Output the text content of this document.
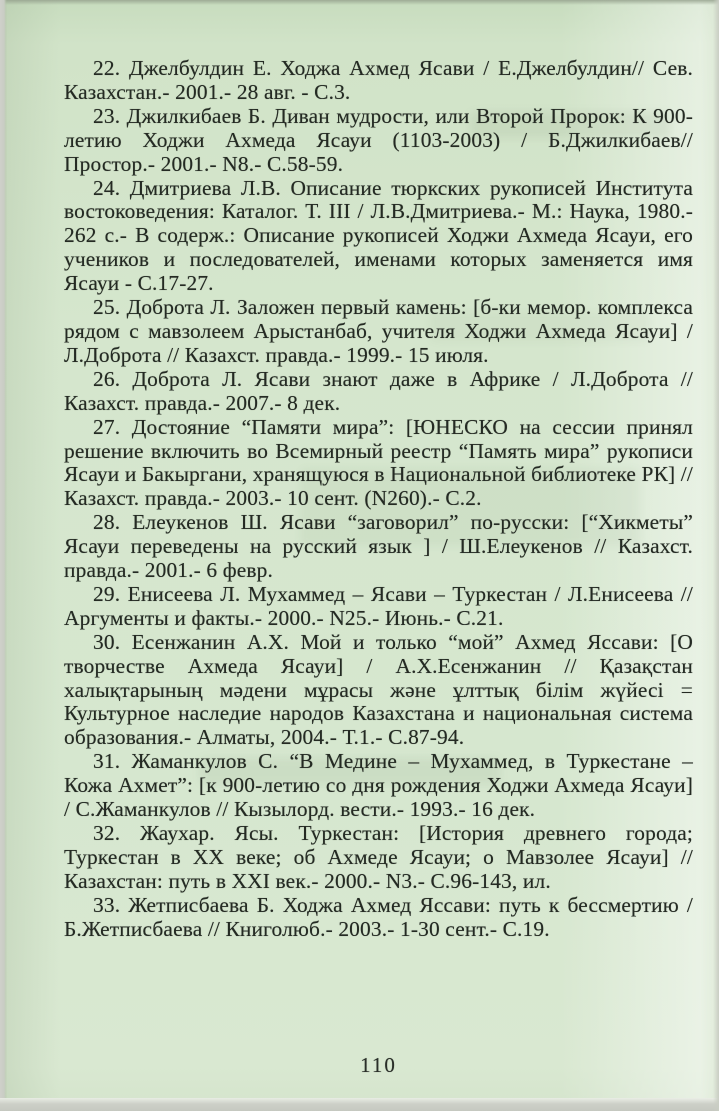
22. Джелбулдин Е. Ходжа Ахмед Ясави / Е.Джелбулдин// Сев. Казахстан.- 2001.- 28 авг. - С.3.

23. Джилкибаев Б. Диван мудрости, или Второй Пророк: К 900-летию Ходжи Ахмеда Ясауи (1103-2003) / Б.Джилкибаев// Простор.- 2001.- N8.- С.58-59.

24. Дмитриева Л.В. Описание тюркских рукописей Института востоковедения: Каталог. Т. III / Л.В.Дмитриева.- М.: Наука, 1980.- 262 с.- В содерж.: Описание рукописей Ходжи Ахмеда Ясауи, его учеников и последователей, именами которых заменяется имя Ясауи - С.17-27.

25. Доброта Л. Заложен первый камень: [б-ки мемор. комплекса рядом с мавзолеем Арыстанбаб, учителя Ходжи Ахмеда Ясауи] / Л.Доброта // Казахст. правда.- 1999.- 15 июля.

26. Доброта Л. Ясави знают даже в Африке / Л.Доброта // Казахст. правда.- 2007.- 8 дек.

27. Достояние “Памяти мира”: [ЮНЕСКО на сессии принял решение включить во Всемирный реестр “Память мира” рукописи Ясауи и Бакыргани, хранящуюся в Национальной библиотеке РК] // Казахст. правда.- 2003.- 10 сент. (N260).- С.2.

28. Елеукенов Ш. Ясави “заговорил” по-русски: [“Хикметы” Ясауи переведены на русский язык ] / Ш.Елеукенов // Казахст. правда.- 2001.- 6 февр.

29. Енисеева Л. Мухаммед – Ясави – Туркестан / Л.Енисеева // Аргументы и факты.- 2000.- N25.- Июнь.- С.21.

30. Есенжанин А.Х. Мой и только “мой” Ахмед Яссави: [О творчестве Ахмеда Ясауи] / А.Х.Есенжанин // Қазақстан халықтарының мәдени мұрасы және ұлттық білім жүйесі = Культурное наследие народов Казахстана и национальная система образования.- Алматы, 2004.- Т.1.- С.87-94.

31. Жаманкулов С. “В Медине – Мухаммед, в Туркестане – Кожа Ахмет”: [к 900-летию со дня рождения Ходжи Ахмеда Ясауи] / С.Жаманкулов // Кызылорд. вести.- 1993.- 16 дек.

32. Жаухар. Ясы. Туркестан: [История древнего города; Туркестан в XX веке; об Ахмеде Ясауи; о Мавзолее Ясауи] // Казахстан: путь в XXI век.- 2000.- N3.- С.96-143, ил.

33. Жетписбаева Б. Ходжа Ахмед Яссави: путь к бессмертию / Б.Жетписбаева // Книголюб.- 2003.- 1-30 сент.- С.19.

110
